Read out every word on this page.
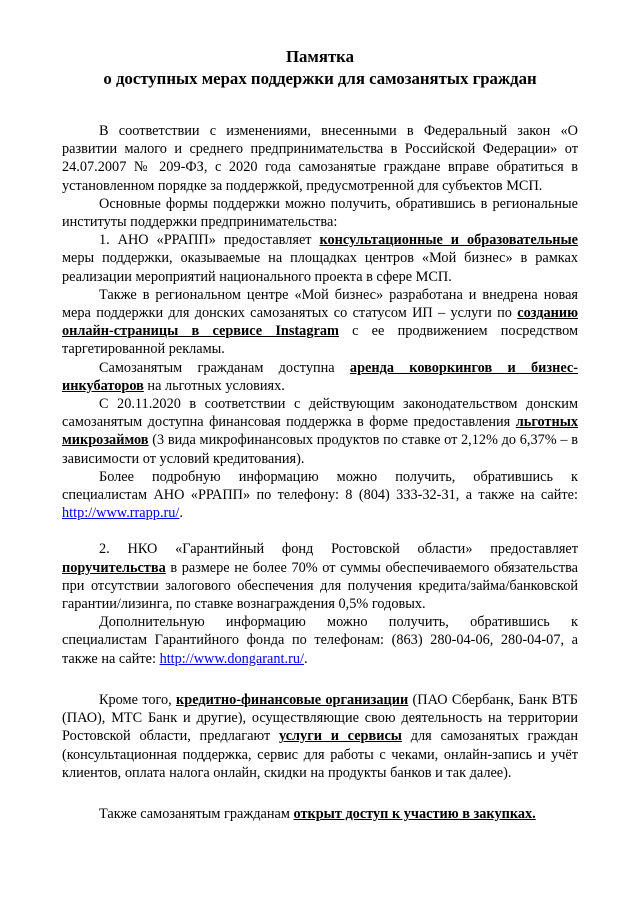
Памятка
о доступных мерах поддержки для самозанятых граждан

В соответствии с изменениями, внесенными в Федеральный закон «О развитии малого и среднего предпринимательства в Российской Федерации» от 24.07.2007 № 209-ФЗ, с 2020 года самозанятые граждане вправе обратиться в установленном порядке за поддержкой, предусмотренной для субъектов МСП.

Основные формы поддержки можно получить, обратившись в региональные институты поддержки предпринимательства:

1. АНО «РРАПП» предоставляет консультационные и образовательные меры поддержки, оказываемые на площадках центров «Мой бизнес» в рамках реализации мероприятий национального проекта в сфере МСП.

Также в региональном центре «Мой бизнес» разработана и внедрена новая мера поддержки для донских самозанятых со статусом ИП – услуги по созданию онлайн-страницы в сервисе Instagram с ее продвижением посредством таргетированной рекламы.

Самозанятым гражданам доступна аренда коворкингов и бизнес-инкубаторов на льготных условиях.

С 20.11.2020 в соответствии с действующим законодательством донским самозанятым доступна финансовая поддержка в форме предоставления льготных микрозаймов (3 вида микрофинансовых продуктов по ставке от 2,12% до 6,37% – в зависимости от условий кредитования).

Более подробную информацию можно получить, обратившись к специалистам АНО «РРАПП» по телефону: 8 (804) 333-32-31, а также на сайте: http://www.rrapp.ru/.

2. НКО «Гарантийный фонд Ростовской области» предоставляет поручительства в размере не более 70% от суммы обеспечиваемого обязательства при отсутствии залогового обеспечения для получения кредита/займа/банковской гарантии/лизинга, по ставке вознаграждения 0,5% годовых.

Дополнительную информацию можно получить, обратившись к специалистам Гарантийного фонда по телефонам: (863) 280-04-06, 280-04-07, а также на сайте: http://www.dongarant.ru/.

Кроме того, кредитно-финансовые организации (ПАО Сбербанк, Банк ВТБ (ПАО), МТС Банк и другие), осуществляющие свою деятельность на территории Ростовской области, предлагают услуги и сервисы для самозанятых граждан (консультационная поддержка, сервис для работы с чеками, онлайн-запись и учёт клиентов, оплата налога онлайн, скидки на продукты банков и так далее).

Также самозанятым гражданам открыт доступ к участию в закупках.
